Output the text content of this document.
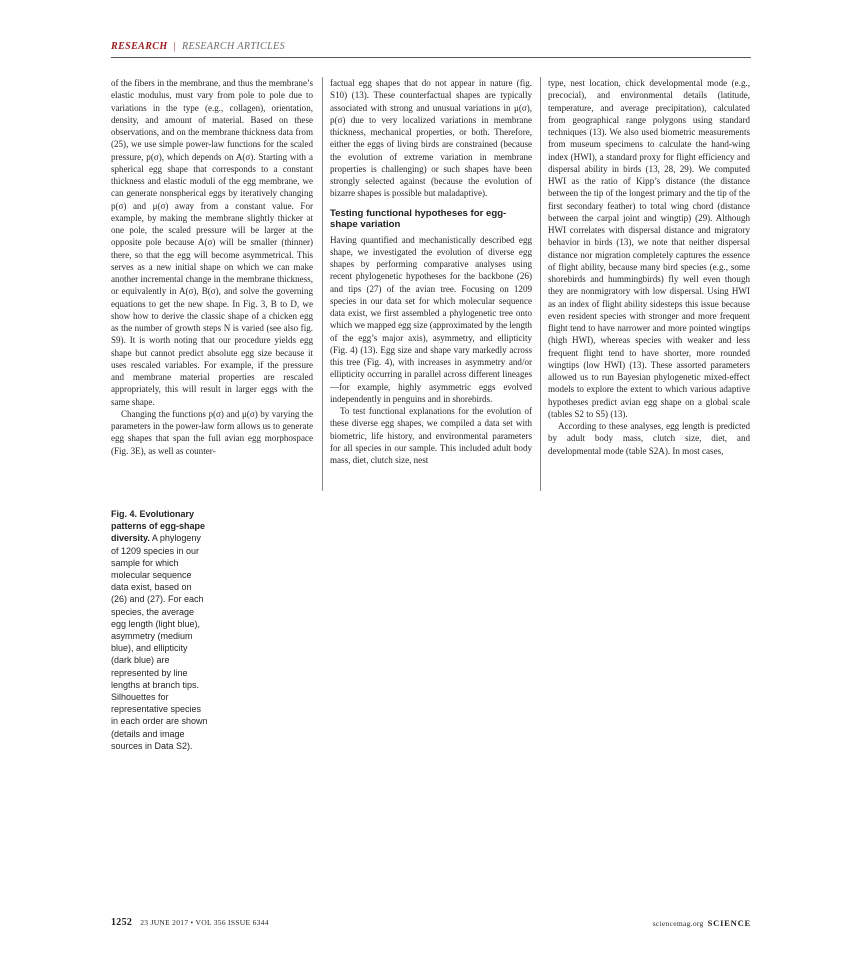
RESEARCH | RESEARCH ARTICLES

of the fibers in the membrane, and thus the membrane’s elastic modulus, must vary from pole to pole due to variations in the type (e.g., collagen), orientation, density, and amount of material. Based on these observations, and on the membrane thickness data from (25), we use simple power-law functions for the scaled pressure, p(σ), which depends on A(σ). Starting with a spherical egg shape that corresponds to a constant thickness and elastic moduli of the egg membrane, we can generate nonspherical eggs by iteratively changing p(σ) and μ(σ) away from a constant value. For example, by making the membrane slightly thicker at one pole, the scaled pressure will be larger at the opposite pole because A(σ) will be smaller (thinner) there, so that the egg will become asymmetrical. This serves as a new initial shape on which we can make another incremental change in the membrane thickness, or equivalently in A(σ), B(σ), and solve the governing equations to get the new shape. In Fig. 3, B to D, we show how to derive the classic shape of a chicken egg as the number of growth steps N is varied (see also fig. S9). It is worth noting that our procedure yields egg shape but cannot predict absolute egg size because it uses rescaled variables. For example, if the pressure and membrane material properties are rescaled appropriately, this will result in larger eggs with the same shape.

Changing the functions p(σ) and μ(σ) by varying the parameters in the power-law form allows us to generate egg shapes that span the full avian egg morphospace (Fig. 3E), as well as counter-

factual egg shapes that do not appear in nature (fig. S10) (13). These counterfactual shapes are typically associated with strong and unusual variations in μ(σ), p(σ) due to very localized variations in membrane thickness, mechanical properties, or both. Therefore, either the eggs of living birds are constrained (because the evolution of extreme variation in membrane properties is challenging) or such shapes have been strongly selected against (because the evolution of bizarre shapes is possible but maladaptive).

Testing functional hypotheses for egg-shape variation

Having quantified and mechanistically described egg shape, we investigated the evolution of diverse egg shapes by performing comparative analyses using recent phylogenetic hypotheses for the backbone (26) and tips (27) of the avian tree. Focusing on 1209 species in our data set for which molecular sequence data exist, we first assembled a phylogenetic tree onto which we mapped egg size (approximated by the length of the egg’s major axis), asymmetry, and ellipticity (Fig. 4) (13). Egg size and shape vary markedly across this tree (Fig. 4), with increases in asymmetry and/or ellipticity occurring in parallel across different lineages—for example, highly asymmetric eggs evolved independently in penguins and in shorebirds.

To test functional explanations for the evolution of these diverse egg shapes, we compiled a data set with biometric, life history, and environmental parameters for all species in our sample. This included adult body mass, diet, clutch size, nest

type, nest location, chick developmental mode (e.g., precocial), and environmental details (latitude, temperature, and average precipitation), calculated from geographical range polygons using standard techniques (13). We also used biometric measurements from museum specimens to calculate the hand-wing index (HWI), a standard proxy for flight efficiency and dispersal ability in birds (13, 28, 29). We computed HWI as the ratio of Kipp’s distance (the distance between the tip of the longest primary and the tip of the first secondary feather) to total wing chord (distance between the carpal joint and wingtip) (29). Although HWI correlates with dispersal distance and migratory behavior in birds (13), we note that neither dispersal distance nor migration completely captures the essence of flight ability, because many bird species (e.g., some shorebirds and hummingbirds) fly well even though they are nonmigratory with low dispersal. Using HWI as an index of flight ability sidesteps this issue because even resident species with stronger and more frequent flight tend to have narrower and more pointed wingtips (high HWI), whereas species with weaker and less frequent flight tend to have shorter, more rounded wingtips (low HWI) (13). These assorted parameters allowed us to run Bayesian phylogenetic mixed-effect models to explore the extent to which various adaptive hypotheses predict avian egg shape on a global scale (tables S2 to S5) (13).

According to these analyses, egg length is predicted by adult body mass, clutch size, diet, and developmental mode (table S2A). In most cases,

Fig. 4. Evolutionary patterns of egg-shape diversity. A phylogeny of 1209 species in our sample for which molecular sequence data exist, based on (26) and (27). For each species, the average egg length (light blue), asymmetry (medium blue), and ellipticity (dark blue) are represented by line lengths at branch tips. Silhouettes for representative species in each order are shown (details and image sources in Data S2).
1252 23 JUNE 2017 • VOL 356 ISSUE 6344	sciencemag.org SCIENCE
